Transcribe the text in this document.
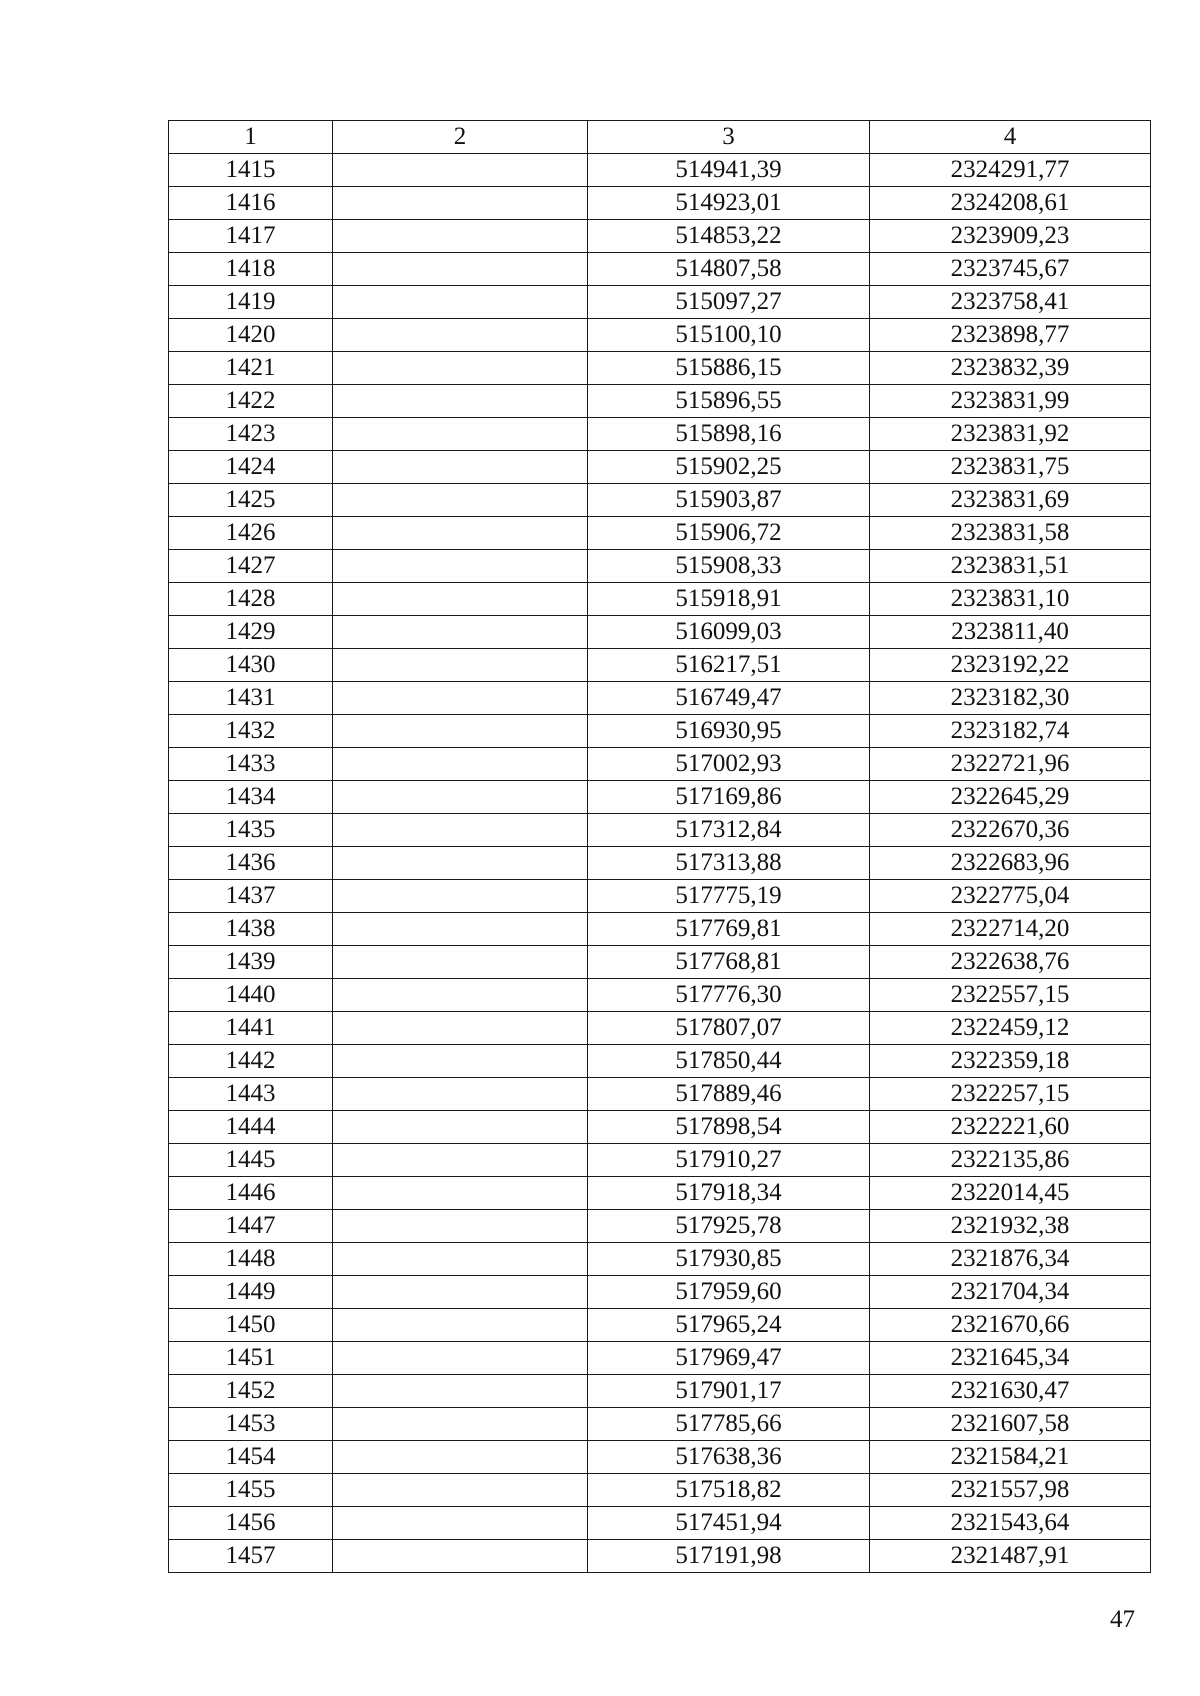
1	2	3	4
1415		514941,39	2324291,77
1416		514923,01	2324208,61
1417		514853,22	2323909,23
1418		514807,58	2323745,67
1419		515097,27	2323758,41
1420		515100,10	2323898,77
1421		515886,15	2323832,39
1422		515896,55	2323831,99
1423		515898,16	2323831,92
1424		515902,25	2323831,75
1425		515903,87	2323831,69
1426		515906,72	2323831,58
1427		515908,33	2323831,51
1428		515918,91	2323831,10
1429		516099,03	2323811,40
1430		516217,51	2323192,22
1431		516749,47	2323182,30
1432		516930,95	2323182,74
1433		517002,93	2322721,96
1434		517169,86	2322645,29
1435		517312,84	2322670,36
1436		517313,88	2322683,96
1437		517775,19	2322775,04
1438		517769,81	2322714,20
1439		517768,81	2322638,76
1440		517776,30	2322557,15
1441		517807,07	2322459,12
1442		517850,44	2322359,18
1443		517889,46	2322257,15
1444		517898,54	2322221,60
1445		517910,27	2322135,86
1446		517918,34	2322014,45
1447		517925,78	2321932,38
1448		517930,85	2321876,34
1449		517959,60	2321704,34
1450		517965,24	2321670,66
1451		517969,47	2321645,34
1452		517901,17	2321630,47
1453		517785,66	2321607,58
1454		517638,36	2321584,21
1455		517518,82	2321557,98
1456		517451,94	2321543,64
1457		517191,98	2321487,91
47
